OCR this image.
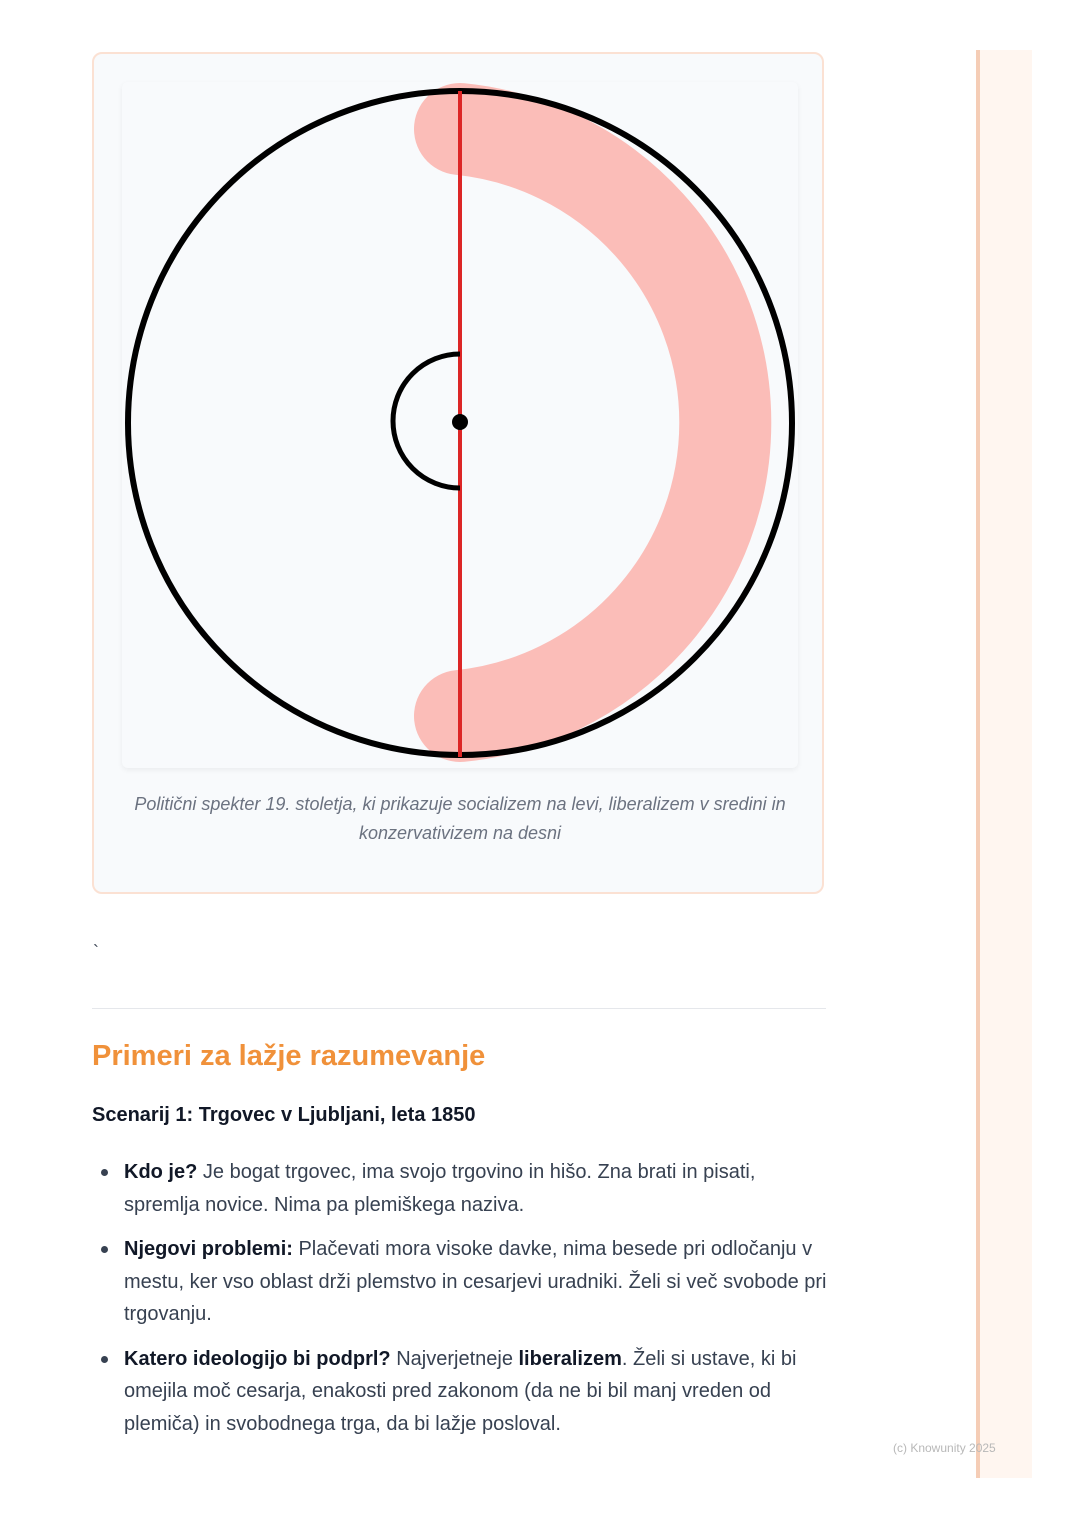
Politični spekter 19. stoletja, ki prikazuje socializem na levi, liberalizem v sredini in konzervativizem na desni
`
Primeri za lažje razumevanje
Scenarij 1: Trgovec v Ljubljani, leta 1850
Kdo je? Je bogat trgovec, ima svojo trgovino in hišo. Zna brati in pisati, spremlja novice. Nima pa plemiškega naziva.
Njegovi problemi: Plačevati mora visoke davke, nima besede pri odločanju v mestu, ker vso oblast drži plemstvo in cesarjevi uradniki. Želi si več svobode pri trgovanju.
Katero ideologijo bi podprl? Najverjetneje liberalizem. Želi si ustave, ki bi omejila moč cesarja, enakosti pred zakonom (da ne bi bil manj vreden od plemiča) in svobodnega trga, da bi lažje posloval.
(c) Knowunity 2025
